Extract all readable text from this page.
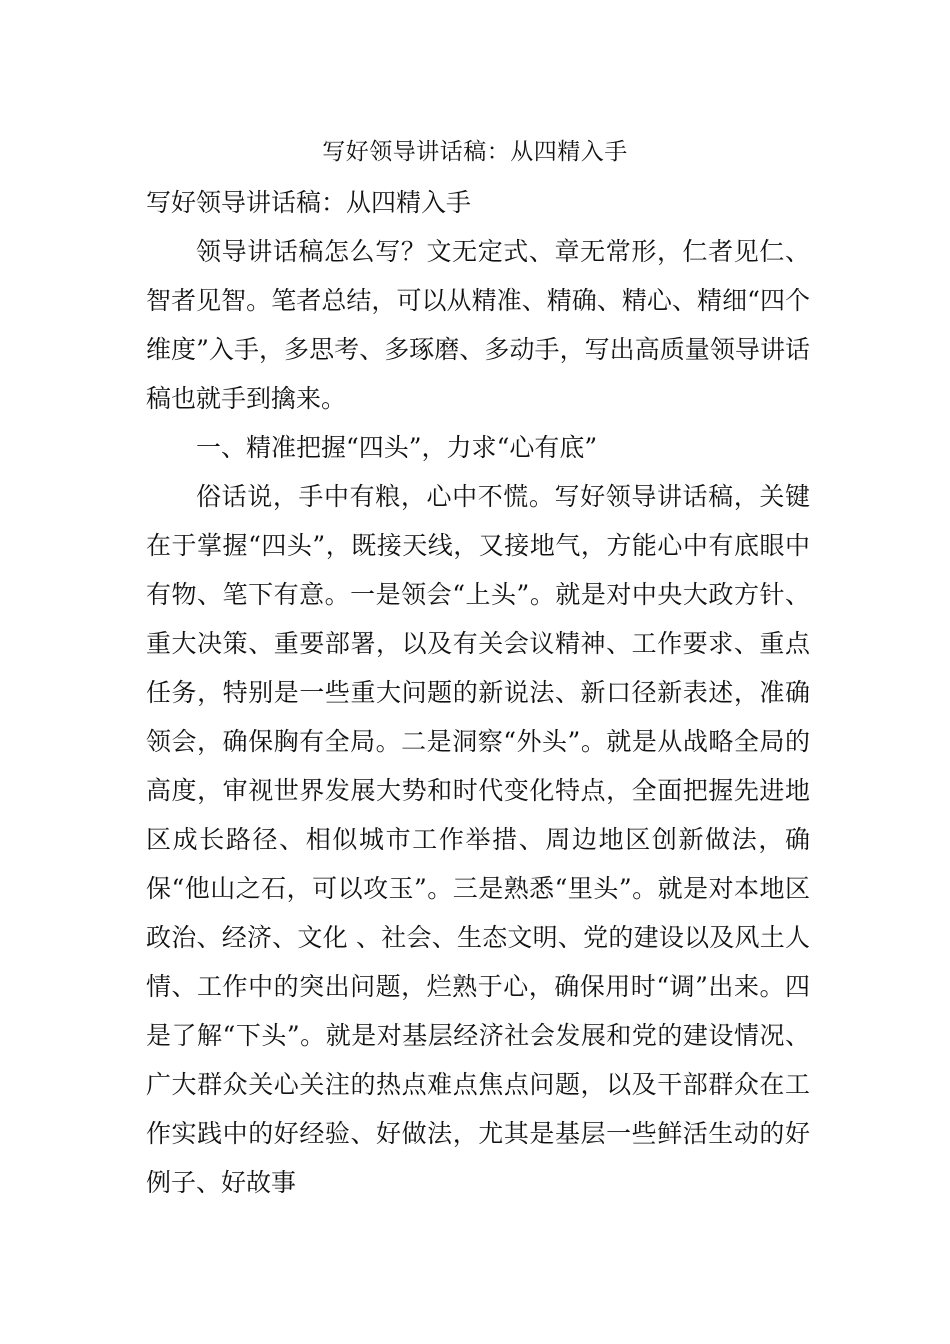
写好领导讲话稿：从四精入手

写好领导讲话稿：从四精入手

领导讲话稿怎么写？文无定式、章无常形，仁者见仁、智者见智。笔者总结，可以从精准、精确、精心、精细“四个维度”入手，多思考、多琢磨、多动手，写出高质量领导讲话稿也就手到擒来。

一、精准把握“四头”，力求“心有底”

俗话说，手中有粮，心中不慌。写好领导讲话稿，关键在于掌握“四头”，既接天线，又接地气，方能心中有底眼中有物、笔下有意。一是领会“上头”。就是对中央大政方针、重大决策、重要部署，以及有关会议精神、工作要求、重点任务，特别是一些重大问题的新说法、新口径新表述，准确领会，确保胸有全局。二是洞察“外头”。就是从战略全局的高度，审视世界发展大势和时代变化特点，全面把握先进地区成长路径、相似城市工作举措、周边地区创新做法，确保“他山之石，可以攻玉”。三是熟悉“里头”。就是对本地区政治、经济、文化 、社会、生态文明、党的建设以及风土人情、工作中的突出问题，烂熟于心，确保用时“调”出来。四是了解“下头”。就是对基层经济社会发展和党的建设情况、广大群众关心关注的热点难点焦点问题，以及干部群众在工作实践中的好经验、好做法，尤其是基层一些鲜活生动的好例子、好故事
